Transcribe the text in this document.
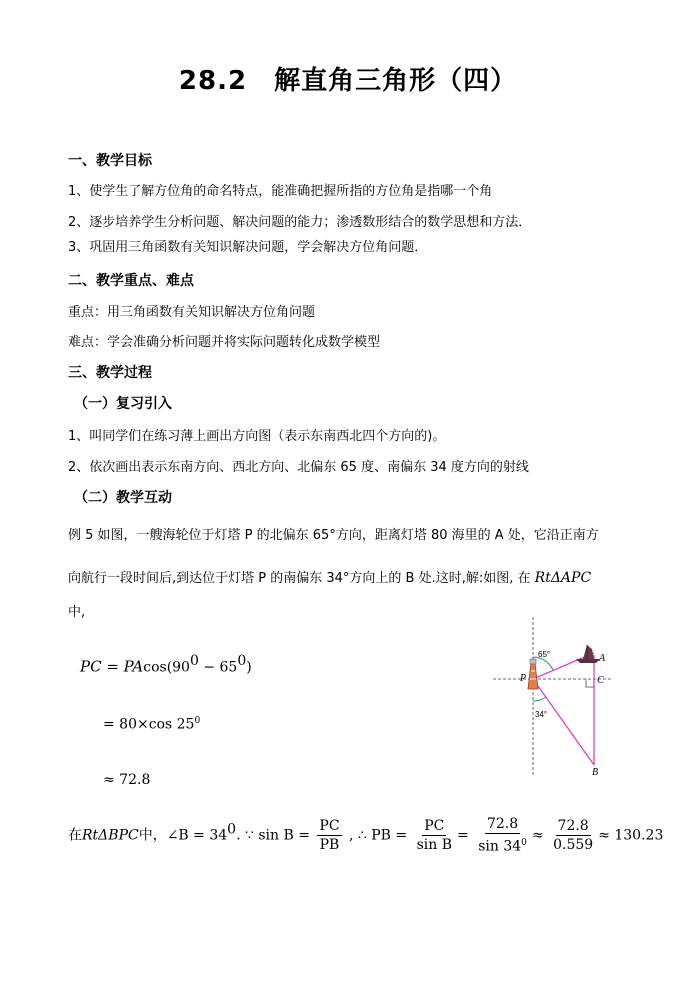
28.2　解直角三角形（四）
一、教学目标
1、使学生了解方位角的命名特点，能准确把握所指的方位角是指哪一个角
2、逐步培养学生分析问题、解决问题的能力；渗透数形结合的数学思想和方法．
3、巩固用三角函数有关知识解决问题，学会解决方位角问题．
二、教学重点、难点
重点：用三角函数有关知识解决方位角问题
难点：学会准确分析问题并将实际问题转化成数学模型
三、教学过程
（一）复习引入
1、叫同学们在练习薄上画出方向图（表示东南西北四个方向的)。
2、依次画出表示东南方向、西北方向、北偏东 65 度、南偏东 34 度方向的射线
（二）教学互动
例 5 如图，一艘海轮位于灯塔 P 的北偏东 65°方向，距离灯塔 80 海里的 A 处，它沿正南方
向航行一段时间后,到达位于灯塔 P 的南偏东 34°方向上的 B 处.这时,解:如图, 在 RtΔAPC
中,
PC = $PAcos(90^0 - 65^0)$
= 80×cos $25^0$
≈ 72.8
在RtΔBPC中，∠B = $34^0$. ∵ $\sin B = \frac{PC}{PB}$ , ∴ PB = $\frac{PC}{\text{sin B}} = \frac{72.8}{\sin 34^0} \approx \frac{72.8}{0.559} \approx 130.23$
P
A
C
B
65°
34°
